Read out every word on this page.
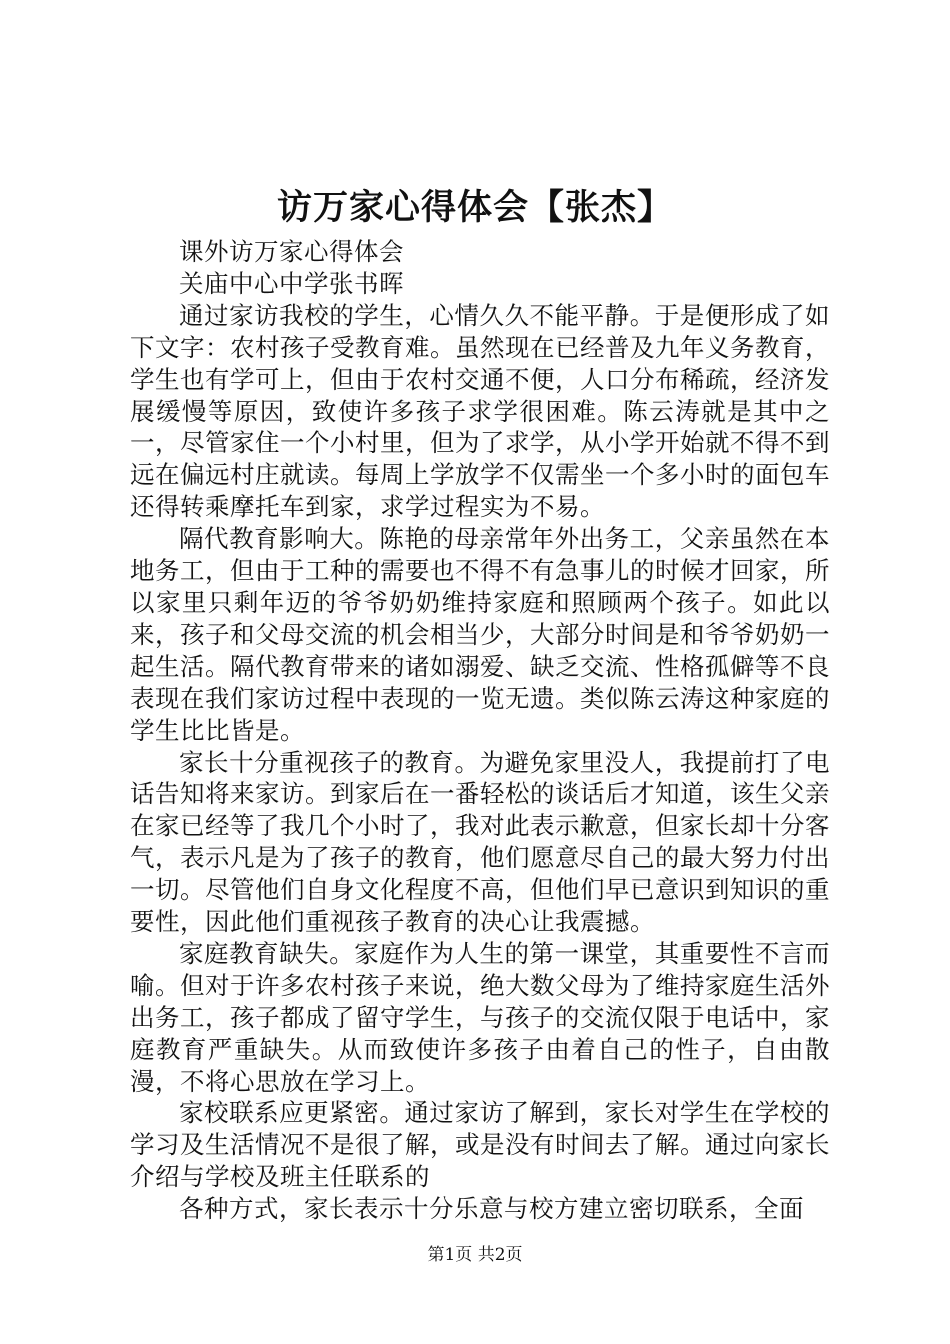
访万家心得体会【张杰】

课外访万家心得体会

关庙中心中学张书晖

通过家访我校的学生，心情久久不能平静。于是便形成了如下文字：农村孩子受教育难。虽然现在已经普及九年义务教育，学生也有学可上，但由于农村交通不便，人口分布稀疏，经济发展缓慢等原因，致使许多孩子求学很困难。陈云涛就是其中之一，尽管家住一个小村里，但为了求学，从小学开始就不得不到远在偏远村庄就读。每周上学放学不仅需坐一个多小时的面包车还得转乘摩托车到家，求学过程实为不易。

隔代教育影响大。陈艳的母亲常年外出务工，父亲虽然在本地务工，但由于工种的需要也不得不有急事儿的时候才回家，所以家里只剩年迈的爷爷奶奶维持家庭和照顾两个孩子。如此以来，孩子和父母交流的机会相当少，大部分时间是和爷爷奶奶一起生活。隔代教育带来的诸如溺爱、缺乏交流、性格孤僻等不良表现在我们家访过程中表现的一览无遗。类似陈云涛这种家庭的学生比比皆是。

家长十分重视孩子的教育。为避免家里没人，我提前打了电话告知将来家访。到家后在一番轻松的谈话后才知道，该生父亲在家已经等了我几个小时了，我对此表示歉意，但家长却十分客气，表示凡是为了孩子的教育，他们愿意尽自己的最大努力付出一切。尽管他们自身文化程度不高，但他们早已意识到知识的重要性，因此他们重视孩子教育的决心让我震撼。

家庭教育缺失。家庭作为人生的第一课堂，其重要性不言而喻。但对于许多农村孩子来说，绝大数父母为了维持家庭生活外出务工，孩子都成了留守学生，与孩子的交流仅限于电话中，家庭教育严重缺失。从而致使许多孩子由着自己的性子，自由散漫，不将心思放在学习上。

家校联系应更紧密。通过家访了解到，家长对学生在学校的学习及生活情况不是很了解，或是没有时间去了解。通过向家长介绍与学校及班主任联系的

各种方式，家长表示十分乐意与校方建立密切联系，全面

第1页 共2页
